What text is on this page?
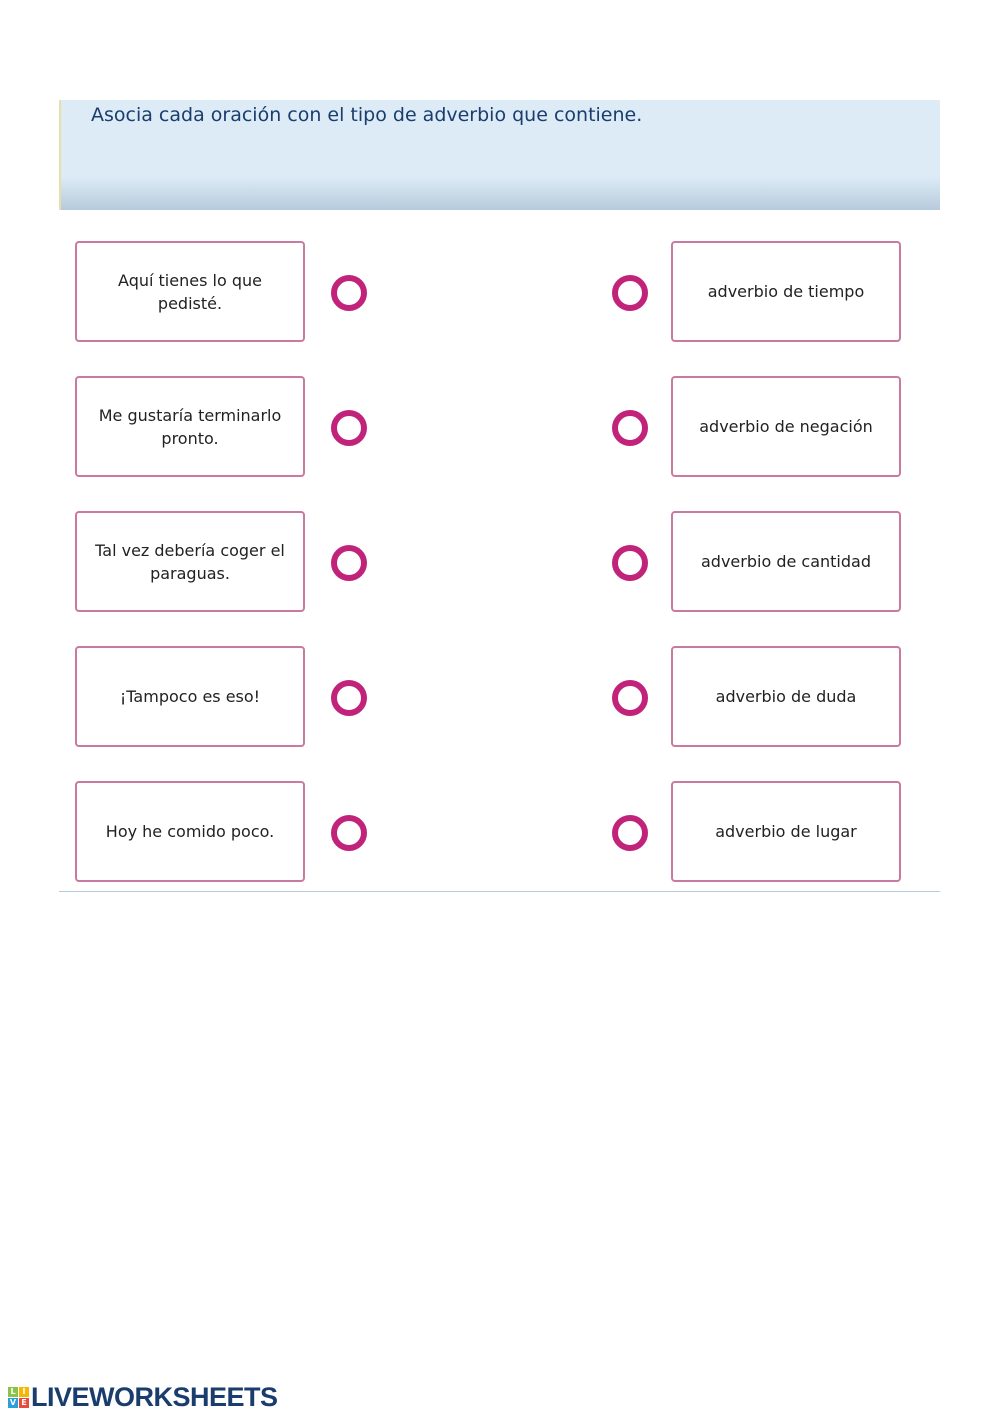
Asocia cada oración con el tipo de adverbio que contiene.
Aquí tienes lo que pedisté.
adverbio de tiempo
Me gustaría terminarlo pronto.
adverbio de negación
Tal vez debería coger el paraguas.
adverbio de cantidad
¡Tampoco es eso!	adverbio de duda
Hoy he comido poco.	adverbio de lugar
L I
V E LIVEWORKSHEETS
